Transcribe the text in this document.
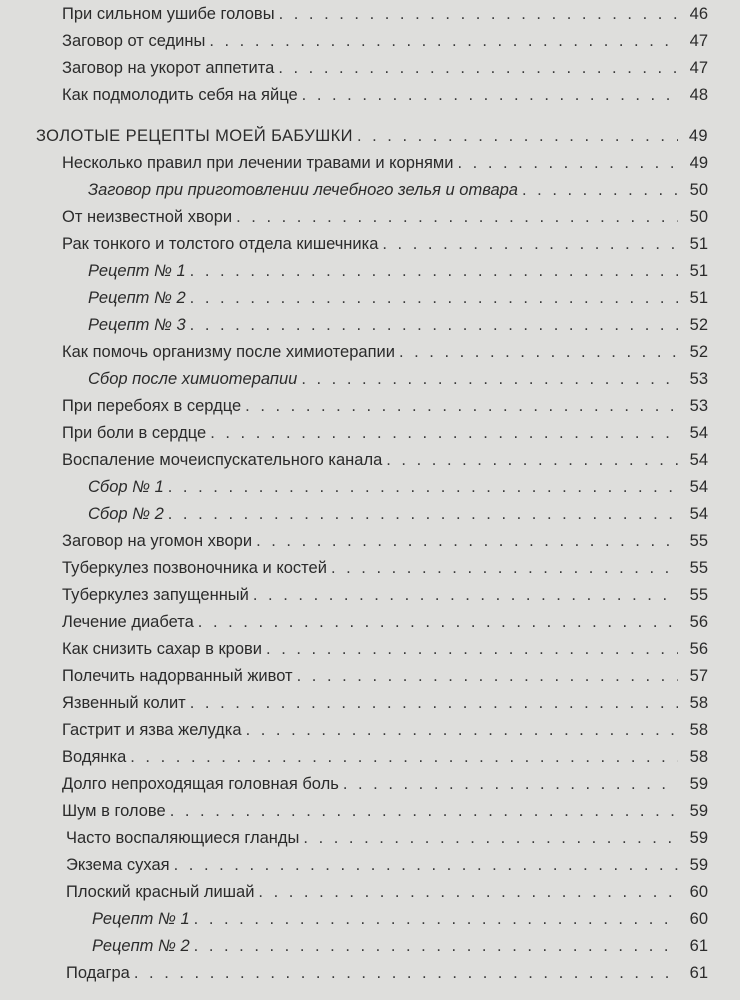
При сильном ушибе головы . . .	46
Заговор от седины . . .	47
Заговор на укорот аппетита . . .	47
Как подмолодить себя на яйце . . .	48
ЗОЛОТЫЕ РЕЦЕПТЫ МОЕЙ БАБУШКИ . . .	49
Несколько правил при лечении травами и корнями . . .	49
Заговор при приготовлении лечебного зелья и отвара . . .	50
От неизвестной хвори . . .	50
Рак тонкого и толстого отдела кишечника . . .	51
Рецепт № 1 . . .	51
Рецепт № 2 . . .	51
Рецепт № 3 . . .	52
Как помочь организму после химиотерапии . . .	52
Сбор после химиотерапии . . .	53
При перебоях в сердце . . .	53
При боли в сердце . . .	54
Воспаление мочеиспускательного канала . . .	54
Сбор № 1 . . .	54
Сбор № 2 . . .	54
Заговор на угомон хвори . . .	55
Туберкулез позвоночника и костей . . .	55
Туберкулез запущенный . . .	55
Лечение диабета . . .	56
Как снизить сахар в крови . . .	56
Полечить надорванный живот . . .	57
Язвенный колит . . .	58
Гастрит и язва желудка . . .	58
Водянка . . .	58
Долго непроходящая головная боль . . .	59
Шум в голове . . .	59
Часто воспаляющиеся гланды . . .	59
Экзема сухая . . .	59
Плоский красный лишай . . .	60
Рецепт № 1 . . .	60
Рецепт № 2 . . .	61
Подагра . . .	61
